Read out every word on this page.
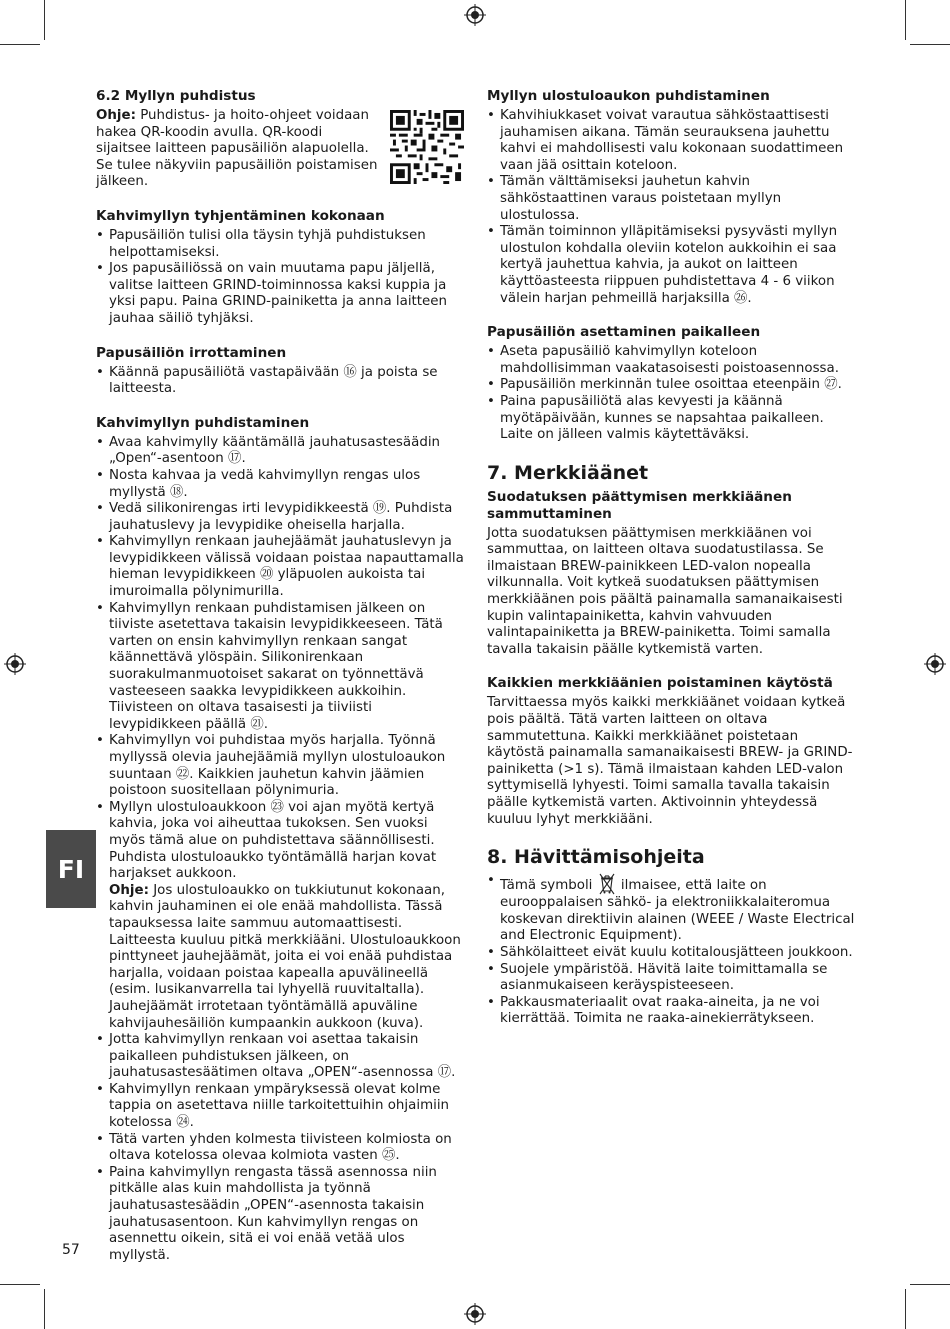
FI
57
6.2 Myllyn puhdistus

Ohje: Puhdistus- ja hoito-ohjeet voidaan hakea QR-koodin avulla. QR-koodi sijaitsee laitteen papusäiliön alapuolella. Se tulee näkyviin papusäiliön poistamisen jälkeen.

Kahvimyllyn tyhjentäminen kokonaan
• Papusäiliön tulisi olla täysin tyhjä puhdistuksen helpottamiseksi.
• Jos papusäiliössä on vain muutama papu jäljellä, valitse laitteen GRIND-toiminnossa kaksi kuppia ja yksi papu. Paina GRIND-painiketta ja anna laitteen jauhaa säiliö tyhjäksi.
Papusäiliön irrottaminen
• Käännä papusäiliötä vastapäivään ⑯ ja poista se laitteesta.
Kahvimyllyn puhdistaminen
• Avaa kahvimylly kääntämällä jauhatusastesäädin „Open“-asentoon ⑰.
• Nosta kahvaa ja vedä kahvimyllyn rengas ulos myllystä ⑱.
• Vedä silikonirengas irti levypidikkeestä ⑲. Puhdista jauhatuslevy ja levypidike oheisella harjalla.
• Kahvimyllyn renkaan jauhejäämät jauhatuslevyn ja levypidikkeen välissä voidaan poistaa napauttamalla hieman levypidikkeen ⑳ yläpuolen aukoista tai imuroimalla pölynimurilla.
• Kahvimyllyn renkaan puhdistamisen jälkeen on tiiviste asetettava takaisin levypidikkeeseen. Tätä varten on ensin kahvimyllyn renkaan sangat käännettävä ylöspäin. Silikonirenkaan suorakulmanmuotoiset sakarat on työnnettävä vasteeseen saakka levypidikkeen aukkoihin. Tiivisteen on oltava tasaisesti ja tiiviisti levypidikkeen päällä ㉑.
• Kahvimyllyn voi puhdistaa myös harjalla. Työnnä myllyssä olevia jauhejäämiä myllyn ulostuloaukon suuntaan ㉒. Kaikkien jauhetun kahvin jäämien poistoon suositellaan pölynimuria.
• Myllyn ulostuloaukkoon ㉓ voi ajan myötä kertyä kahvia, joka voi aiheuttaa tukoksen. Sen vuoksi myös tämä alue on puhdistettava säännöllisesti. Puhdista ulostuloaukko työntämällä harjan kovat harjakset aukkoon.

Ohje: Jos ulostuloaukko on tukkiutunut kokonaan, kahvin jauhaminen ei ole enää mahdollista. Tässä tapauksessa laite sammuu automaattisesti. Laitteesta kuuluu pitkä merkkiääni. Ulostuloaukkoon pinttyneet jauhejäämät, joita ei voi enää puhdistaa harjalla, voidaan poistaa kapealla apuvälineellä (esim. lusikanvarrella tai lyhyellä ruuvitaltalla). Jauhejäämät irrotetaan työntämällä apuväline kahvijauhesäiliön kumpaankin aukkoon (kuva).

• Jotta kahvimyllyn renkaan voi asettaa takaisin paikalleen puhdistuksen jälkeen, on jauhatusastesäätimen oltava „OPEN“-asennossa ⑰.
• Kahvimyllyn renkaan ympäryksessä olevat kolme tappia on asetettava niille tarkoitettuihin ohjaimiin kotelossa ㉔.
• Tätä varten yhden kolmesta tiivisteen kolmiosta on oltava kotelossa olevaa kolmiota vasten ㉕.
• Paina kahvimyllyn rengasta tässä asennossa niin pitkälle alas kuin mahdollista ja työnnä jauhatusastesäädin „OPEN“-asennosta takaisin jauhatusasentoon. Kun kahvimyllyn rengas on asennettu oikein, sitä ei voi enää vetää ulos myllystä.
Myllyn ulostuloaukon puhdistaminen
• Kahvihiukkaset voivat varautua sähköstaattisesti jauhamisen aikana. Tämän seurauksena jauhettu kahvi ei mahdollisesti valu kokonaan suodattimeen vaan jää osittain koteloon.
• Tämän välttämiseksi jauhetun kahvin sähköstaattinen varaus poistetaan myllyn ulostulossa.
• Tämän toiminnon ylläpitämiseksi pysyvästi myllyn ulostulon kohdalla oleviin kotelon aukkoihin ei saa kertyä jauhettua kahvia, ja aukot on laitteen käyttöasteesta riippuen puhdistettava 4 - 6 viikon välein harjan pehmeillä harjaksilla ㉖.
Papusäiliön asettaminen paikalleen
• Aseta papusäiliö kahvimyllyn koteloon mahdollisimman vaakatasoisesti poistoasennossa.
• Papusäiliön merkinnän tulee osoittaa eteenpäin ㉗.
• Paina papusäiliötä alas kevyesti ja käännä myötäpäivään, kunnes se napsahtaa paikalleen. Laite on jälleen valmis käytettäväksi.
7. Merkkiäänet
Suodatuksen päättymisen merkkiäänen sammuttaminen

Jotta suodatuksen päättymisen merkkiäänen voi sammuttaa, on laitteen oltava suodatustilassa. Se ilmaistaan BREW-painikkeen LED-valon nopealla vilkunnalla. Voit kytkeä suodatuksen päättymisen merkkiäänen pois päältä painamalla samanaikaisesti kupin valintapainiketta, kahvin vahvuuden valintapainiketta ja BREW-painiketta. Toimi samalla tavalla takaisin päälle kytkemistä varten.

Kaikkien merkkiäänien poistaminen käytöstä

Tarvittaessa myös kaikki merkkiäänet voidaan kytkeä pois päältä. Tätä varten laitteen on oltava sammutettuna. Kaikki merkkiäänet poistetaan käytöstä painamalla samanaikaisesti BREW- ja GRIND-painiketta (>1 s). Tämä ilmaistaan kahden LED-valon syttymisellä lyhyesti. Toimi samalla tavalla takaisin päälle kytkemistä varten. Aktivoinnin yhteydessä kuuluu lyhyt merkkiääni.

8. Hävittämisohjeita
• Tämä symboli  ilmaisee, että laite on eurooppalaisen sähkö- ja elektroniikkalaiteromua koskevan direktiivin alainen (WEEE / Waste Electrical and Electronic Equipment).
• Sähkölaitteet eivät kuulu kotitalousjätteen joukkoon.
• Suojele ympäristöä. Hävitä laite toimittamalla se asianmukaiseen keräyspisteeseen.
• Pakkausmateriaalit ovat raaka-aineita, ja ne voi kierrättää. Toimita ne raaka-ainekierrätykseen.
